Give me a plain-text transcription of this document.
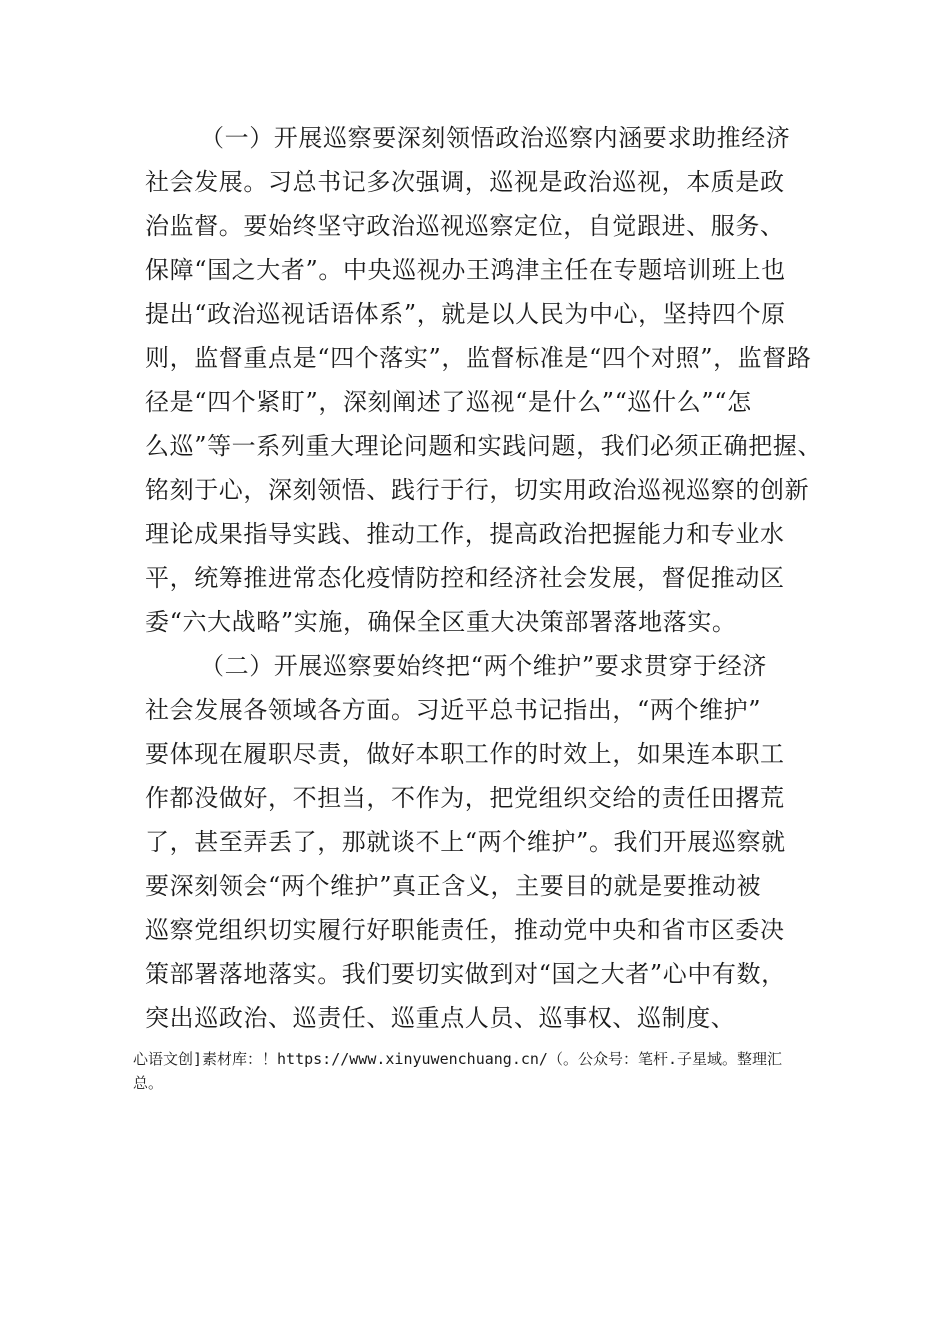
（一）开展巡察要深刻领悟政治巡察内涵要求助推经济
社会发展。习总书记多次强调，巡视是政治巡视，本质是政
治监督。要始终坚守政治巡视巡察定位，自觉跟进、服务、
保障“国之大者”。中央巡视办王鸿津主任在专题培训班上也
提出“政治巡视话语体系”，就是以人民为中心，坚持四个原
则，监督重点是“四个落实”，监督标准是“四个对照”，监督路
径是“四个紧盯”，深刻阐述了巡视“是什么”“巡什么”“怎
么巡”等一系列重大理论问题和实践问题，我们必须正确把握、
铭刻于心，深刻领悟、践行于行，切实用政治巡视巡察的创新
理论成果指导实践、推动工作，提高政治把握能力和专业水
平，统筹推进常态化疫情防控和经济社会发展，督促推动区
委“六大战略”实施，确保全区重大决策部署落地落实。
（二）开展巡察要始终把“两个维护”要求贯穿于经济
社会发展各领域各方面。习近平总书记指出，“两个维护”
要体现在履职尽责，做好本职工作的时效上，如果连本职工
作都没做好，不担当，不作为，把党组织交给的责任田撂荒
了，甚至弄丢了，那就谈不上“两个维护”。我们开展巡察就
要深刻领会“两个维护”真正含义，主要目的就是要推动被
巡察党组织切实履行好职能责任，推动党中央和省市区委决
策部署落地落实。我们要切实做到对“国之大者”心中有数，
突出巡政治、巡责任、巡重点人员、巡事权、巡制度、
心语文创]素材库：！https://www.xinyuwenchuang.cn/（。公众号：笔杆.子星域。整理汇
总。
